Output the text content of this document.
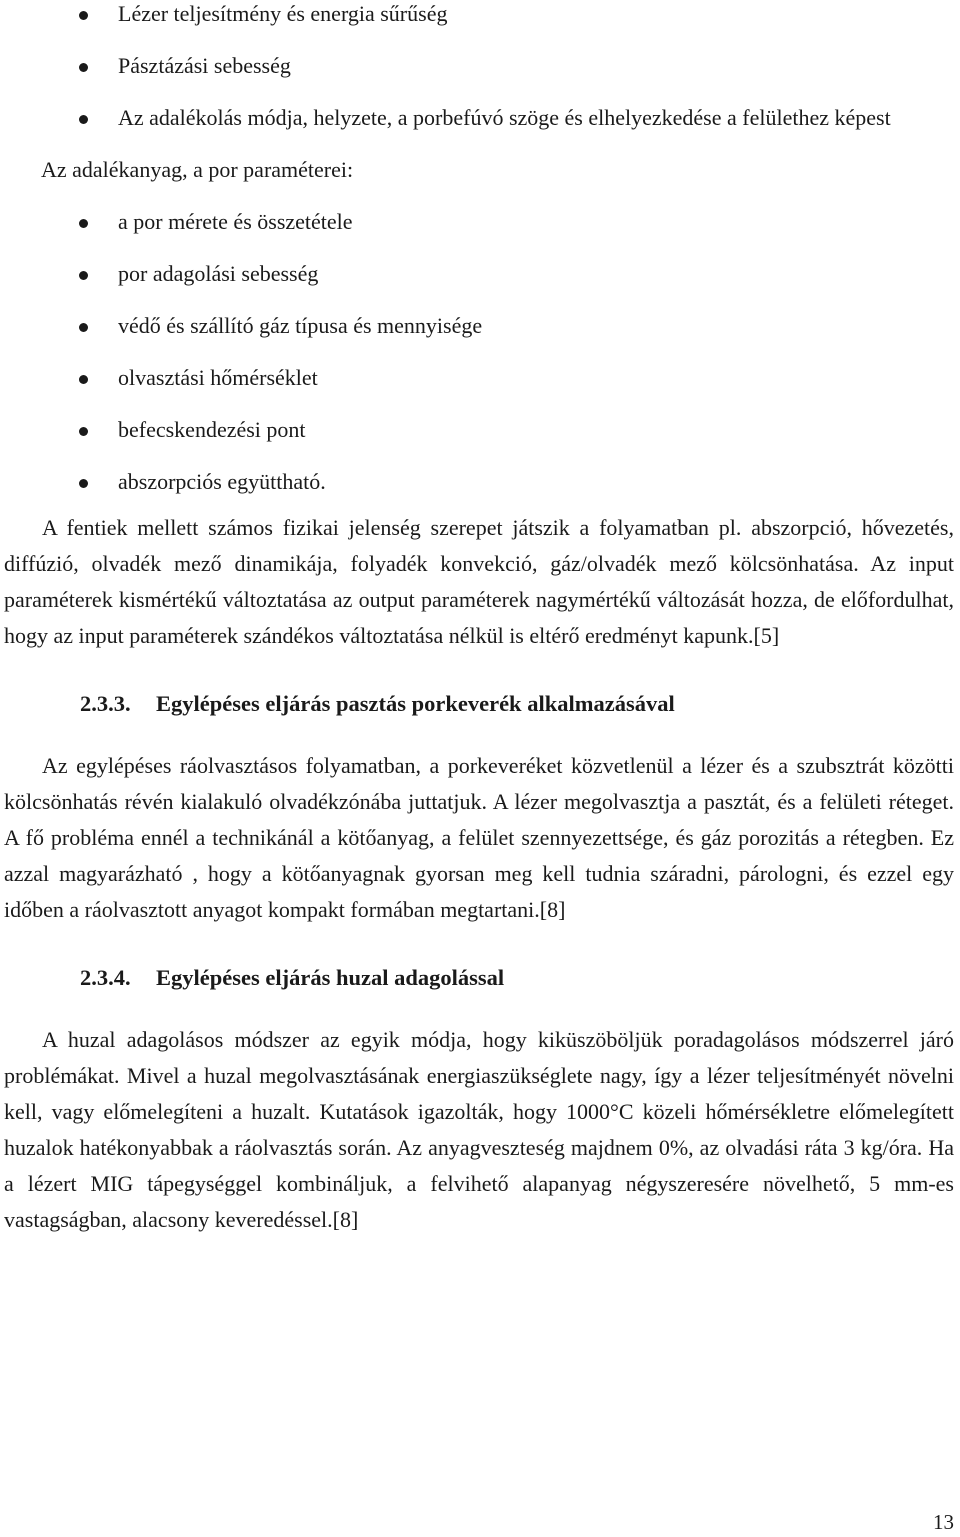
Lézer teljesítmény és energia sűrűség
Pásztázási sebesség
Az adalékolás módja, helyzete, a porbefúvó szöge és elhelyezkedése a felülethez képest

Az adalékanyag, a por paraméterei:

a por mérete és összetétele
por adagolási sebesség
védő és szállító gáz típusa és mennyisége
olvasztási hőmérséklet
befecskendezési pont
abszorpciós együttható.

A fentiek mellett számos fizikai jelenség szerepet játszik a folyamatban pl. abszorpció, hővezetés, diffúzió, olvadék mező dinamikája, folyadék konvekció, gáz/olvadék mező kölcsönhatása. Az input paraméterek kismértékű változtatása az output paraméterek nagymértékű változását hozza, de előfordulhat, hogy az input paraméterek szándékos változtatása nélkül is eltérő eredményt kapunk.[5]

2.3.3. Egylépéses eljárás pasztás porkeverék alkalmazásával

Az egylépéses ráolvasztásos folyamatban, a porkeveréket közvetlenül a lézer és a szubsztrát közötti kölcsönhatás révén kialakuló olvadékzónába juttatjuk. A lézer megolvasztja a pasztát, és a felületi réteget. A fő probléma ennél a technikánál a kötőanyag, a felület szennyezettsége, és gáz porozitás a rétegben. Ez azzal magyarázható , hogy a kötőanyagnak gyorsan meg kell tudnia száradni, párologni, és ezzel egy időben a ráolvasztott anyagot kompakt formában megtartani.[8]

2.3.4. Egylépéses eljárás huzal adagolással

A huzal adagolásos módszer az egyik módja, hogy kiküszöböljük poradagolásos módszerrel járó problémákat. Mivel a huzal megolvasztásának energiaszükséglete nagy, így a lézer teljesítményét növelni kell, vagy előmelegíteni a huzalt. Kutatások igazolták, hogy 1000°C közeli hőmérsékletre előmelegített huzalok hatékonyabbak a ráolvasztás során. Az anyagveszteség majdnem 0%, az olvadási ráta 3 kg/óra. Ha a lézert MIG tápegységgel kombináljuk, a felvihető alapanyag négyszeresére növelhető, 5 mm-es vastagságban, alacsony keveredéssel.[8]

13
